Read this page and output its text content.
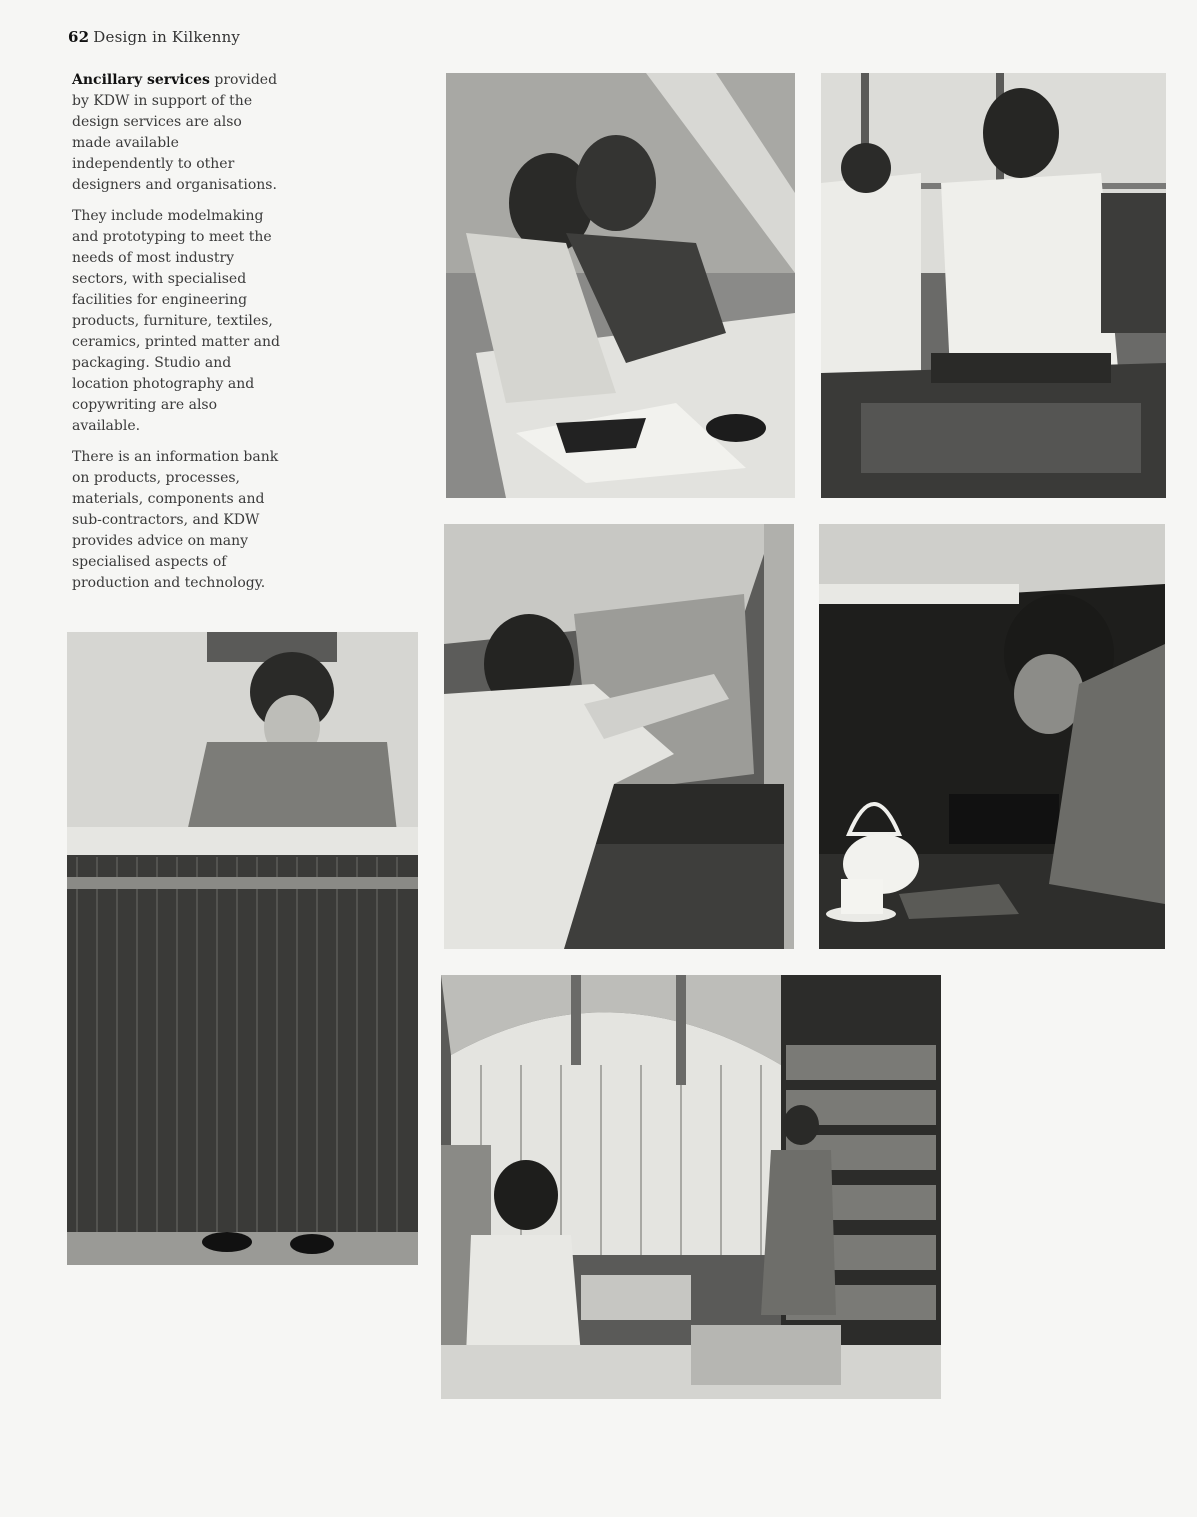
62 Design in Kilkenny

Ancillary services provided by KDW in support of the design services are also made available independently to other designers and organisations.

They include modelmaking and prototyping to meet the needs of most industry sectors, with specialised facilities for engineering products, furniture, textiles, ceramics, printed matter and packaging. Studio and location photography and copywriting are also available.

There is an information bank on products, processes, materials, components and sub-contractors, and KDW provides advice on many specialised aspects of production and technology.
